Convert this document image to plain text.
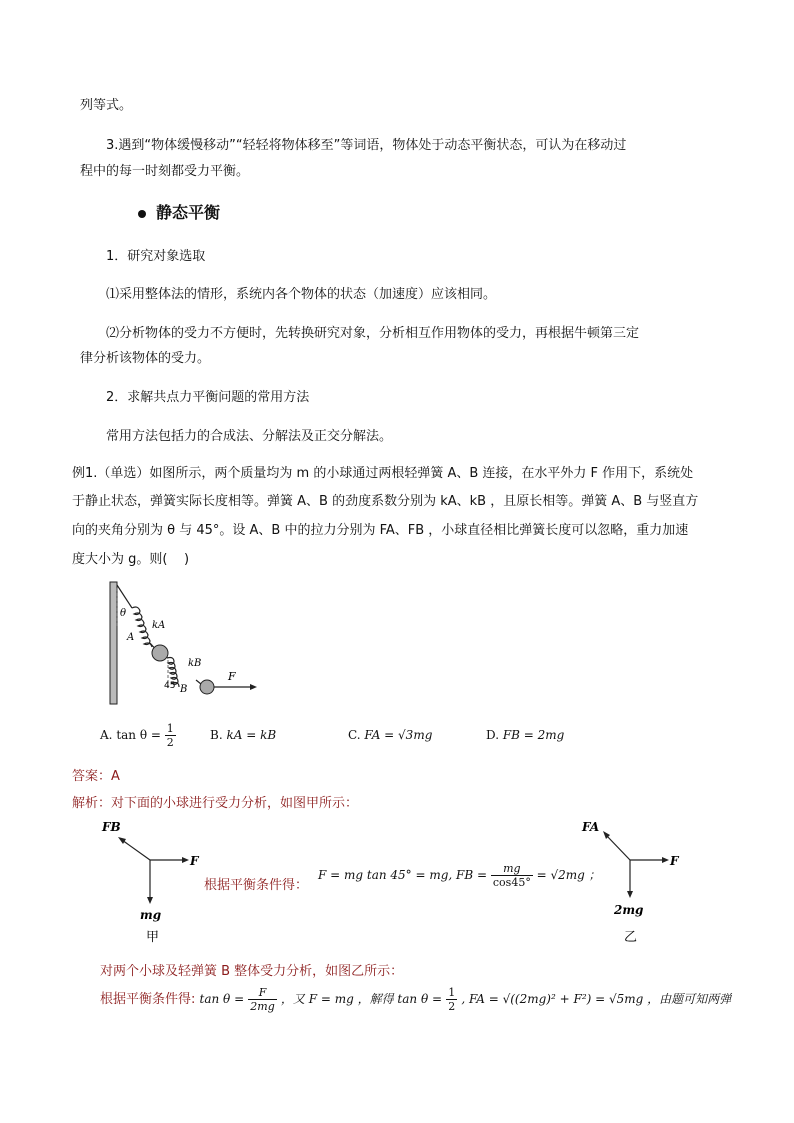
列等式。
3.遇到“物体缓慢移动”“轻轻将物体移至”等词语，物体处于动态平衡状态，可认为在移动过
程中的每一时刻都受力平衡。
静态平衡
1．研究对象选取
⑴采用整体法的情形，系统内各个物体的状态（加速度）应该相同。
⑵分析物体的受力不方便时，先转换研究对象，分析相互作用物体的受力，再根据牛顿第三定
律分析该物体的受力。
2．求解共点力平衡问题的常用方法
常用方法包括力的合成法、分解法及正交分解法。
例1.（单选）如图所示，两个质量均为 m 的小球通过两根轻弹簧 A、B 连接，在水平外力 F 作用下，系统处
于静止状态，弹簧实际长度相等。弹簧 A、B 的劲度系数分别为 kA、kB ，且原长相等。弹簧 A、B 与竖直方
向的夹角分别为 θ 与 45°。设 A、B 中的拉力分别为 FA、FB ，小球直径相比弹簧长度可以忽略，重力加速
度大小为 g。则(    )
θ
kA
A
kB
B
45
F
A. $\tan \theta = \frac{1}{2}$	B. kA = kB	C. FA = √3mg	D. FB = 2mg
答案：A
解析：对下面的小球进行受力分析，如图甲所示：
FB
F
mg
甲
根据平衡条件得：
F = mg tan 45° = mg, FB = $\frac{mg}{\cos 45^\circ} = √2mg$ ；
FA
F
2mg
乙
对两个小球及轻弹簧 B 整体受力分析，如图乙所示：
根据平衡条件得: $\tan \theta = \frac{F}{2mg}$ ，又 F = mg ，解得 $\tan \theta = \frac{1}{2}$ , FA = √((2mg)² + F²) = √5mg ，由题可知两弹
